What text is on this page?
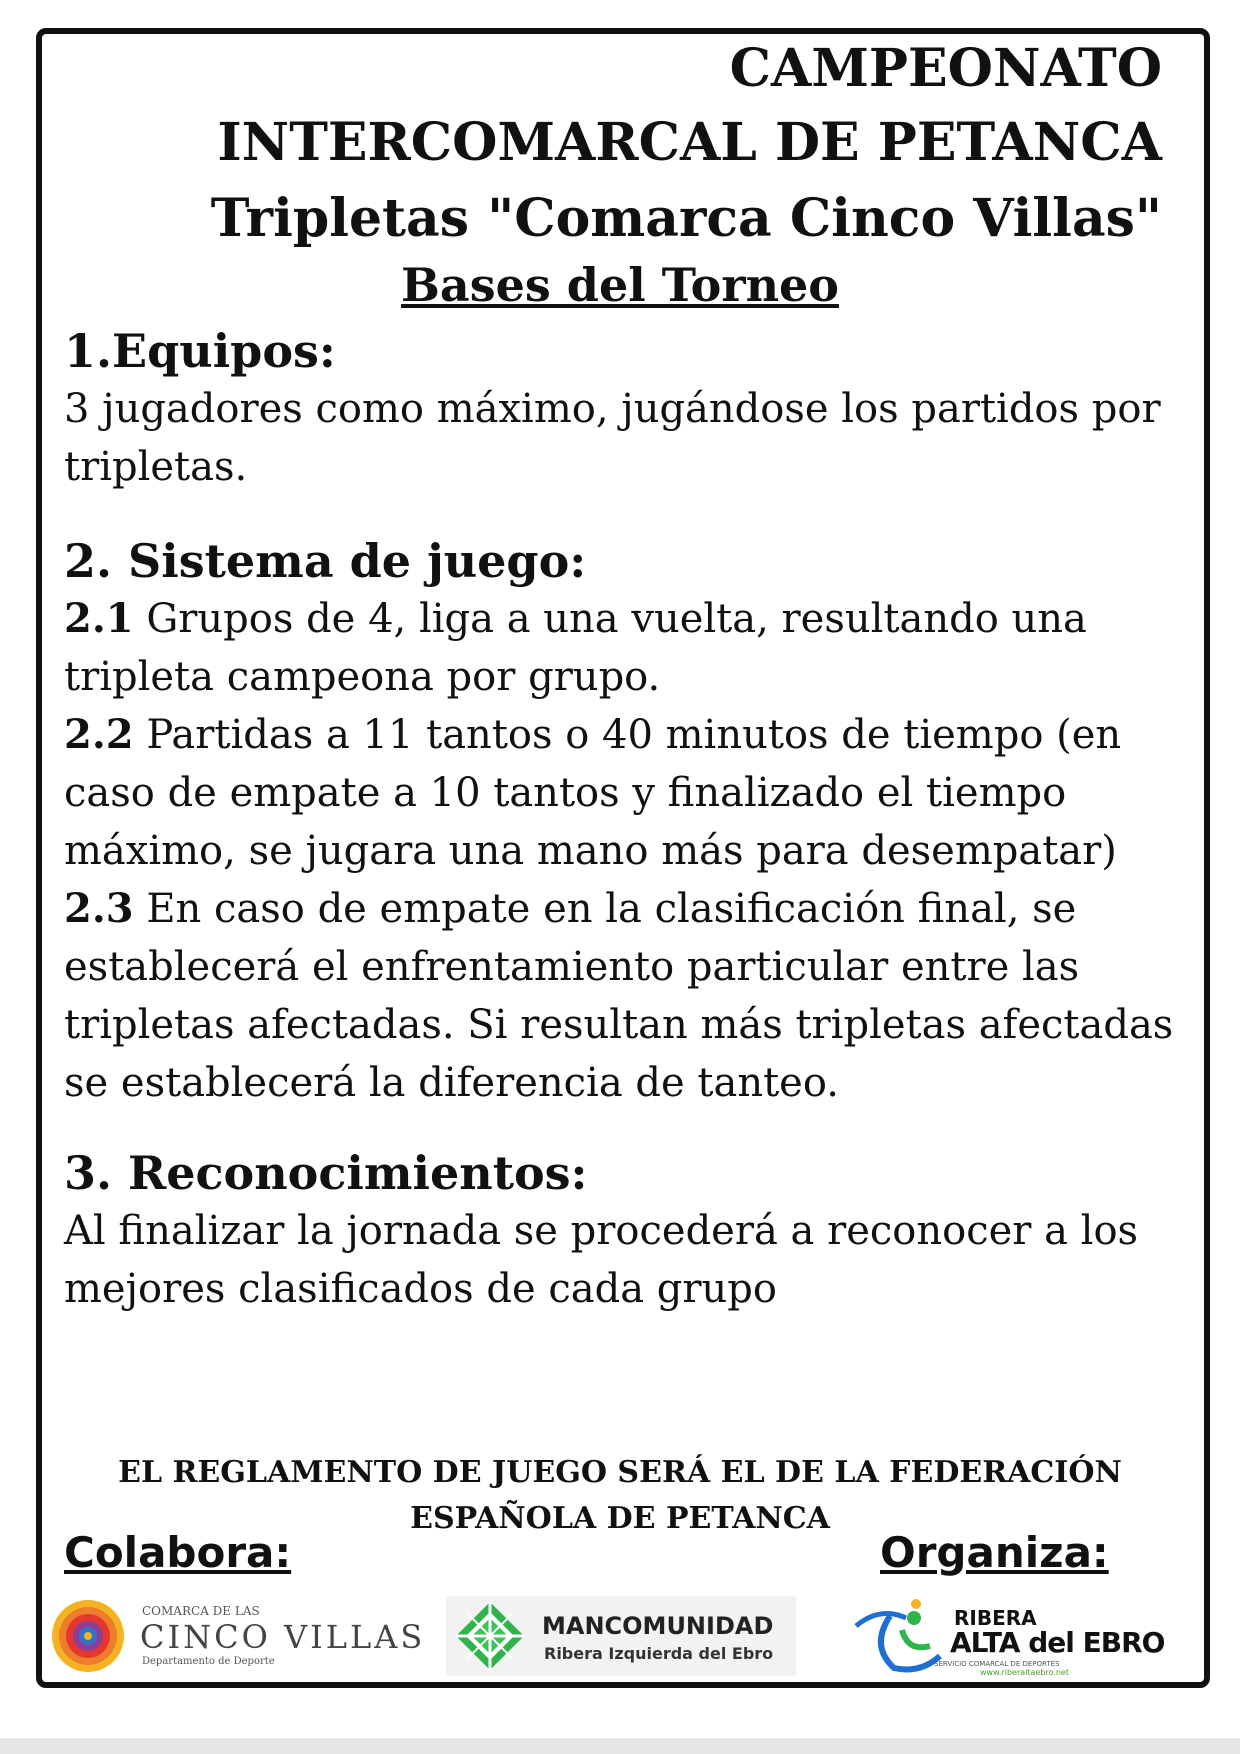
CAMPEONATO
INTERCOMARCAL DE PETANCA
Tripletas "Comarca Cinco Villas"
Bases del Torneo

1.Equipos:

3 jugadores como máximo, jugándose los partidos por tripletas.

2. Sistema de juego:

2.1 Grupos de 4, liga a una vuelta, resultando una tripleta campeona por grupo.

2.2 Partidas a 11 tantos o 40 minutos de tiempo (en caso de empate a 10 tantos y finalizado el tiempo máximo, se jugara una mano más para desempatar)

2.3 En caso de empate en la clasificación final, se establecerá el enfrentamiento particular entre las tripletas afectadas. Si resultan más tripletas afectadas se establecerá la diferencia de tanteo.

3. Reconocimientos:

Al finalizar la jornada se procederá a reconocer a los mejores clasificados de cada grupo

EL REGLAMENTO DE JUEGO SERÁ EL DE LA FEDERACIÓN
ESPAÑOLA DE PETANCA
Colabora:	Organiza:
COMARCA DE LAS
CINCO VILLAS
Departamento de Deporte
MANCOMUNIDAD
Ribera Izquierda del Ebro
RIBERA
ALTA del EBRO
SERVICIO COMARCAL DE DEPORTES
www.riberaltaebro.net
